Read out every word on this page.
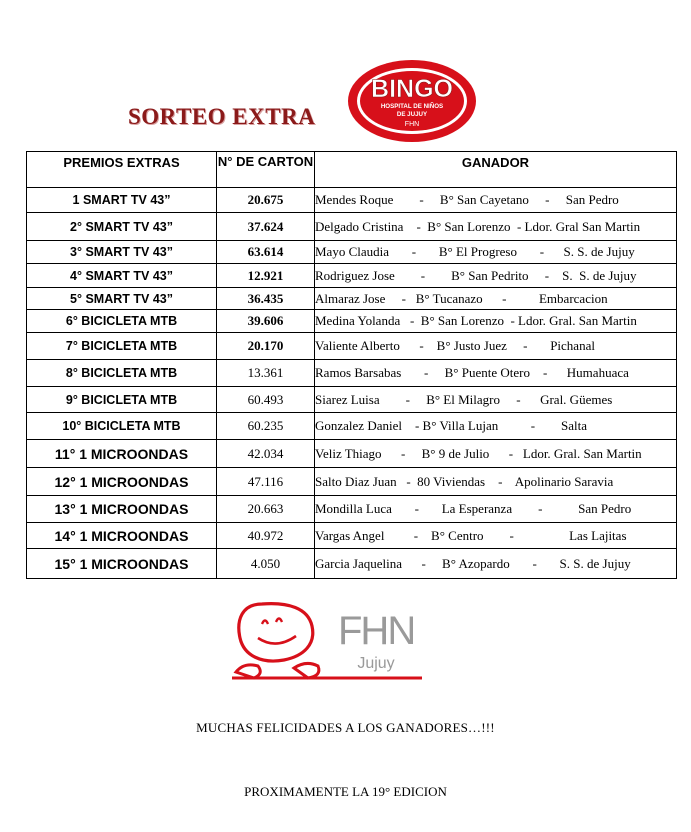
SORTEO EXTRA
BINGO
HOSPITAL DE NIÑOS
DE JUJUY
FHN
PREMIOS EXTRAS	N° DE CARTON	GANADOR
1 SMART TV 43”	20.675	Mendes Roque        -     B° San Cayetano     -     San Pedro
2° SMART TV 43”	37.624	Delgado Cristina    -  B° San Lorenzo  - Ldor. Gral San Martin
3° SMART TV 43”	63.614	Mayo Claudia       -       B° El Progreso       -      S. S. de Jujuy
4° SMART TV 43”	12.921	Rodriguez Jose        -        B° San Pedrito     -    S.  S. de Jujuy
5° SMART TV 43”	36.435	Almaraz Jose     -   B° Tucanazo      -          Embarcacion
6° BICICLETA MTB	39.606	Medina Yolanda   -  B° San Lorenzo  - Ldor. Gral. San Martin
7° BICICLETA MTB	20.170	Valiente Alberto      -    B° Justo Juez     -       Pichanal
8° BICICLETA MTB	13.361	Ramos Barsabas       -     B° Puente Otero    -      Humahuaca
9° BICICLETA MTB	60.493	Siarez Luisa        -     B° El Milagro     -      Gral. Güemes
10° BICICLETA MTB	60.235	Gonzalez Daniel    - B° Villa Lujan          -        Salta
11° 1 MICROONDAS	42.034	Veliz Thiago      -     B° 9 de Julio      -   Ldor. Gral. San Martin
12° 1 MICROONDAS	47.116	Salto Diaz Juan   -  80 Viviendas    -    Apolinario Saravia
13° 1 MICROONDAS	20.663	Mondilla Luca       -       La Esperanza        -           San Pedro
14° 1 MICROONDAS	40.972	Vargas Angel         -    B° Centro        -                 Las Lajitas
15° 1 MICROONDAS	4.050	Garcia Jaquelina      -     B° Azopardo       -       S. S. de Jujuy
FHN
Jujuy
MUCHAS FELICIDADES A LOS GANADORES…!!!
PROXIMAMENTE LA 19° EDICION
